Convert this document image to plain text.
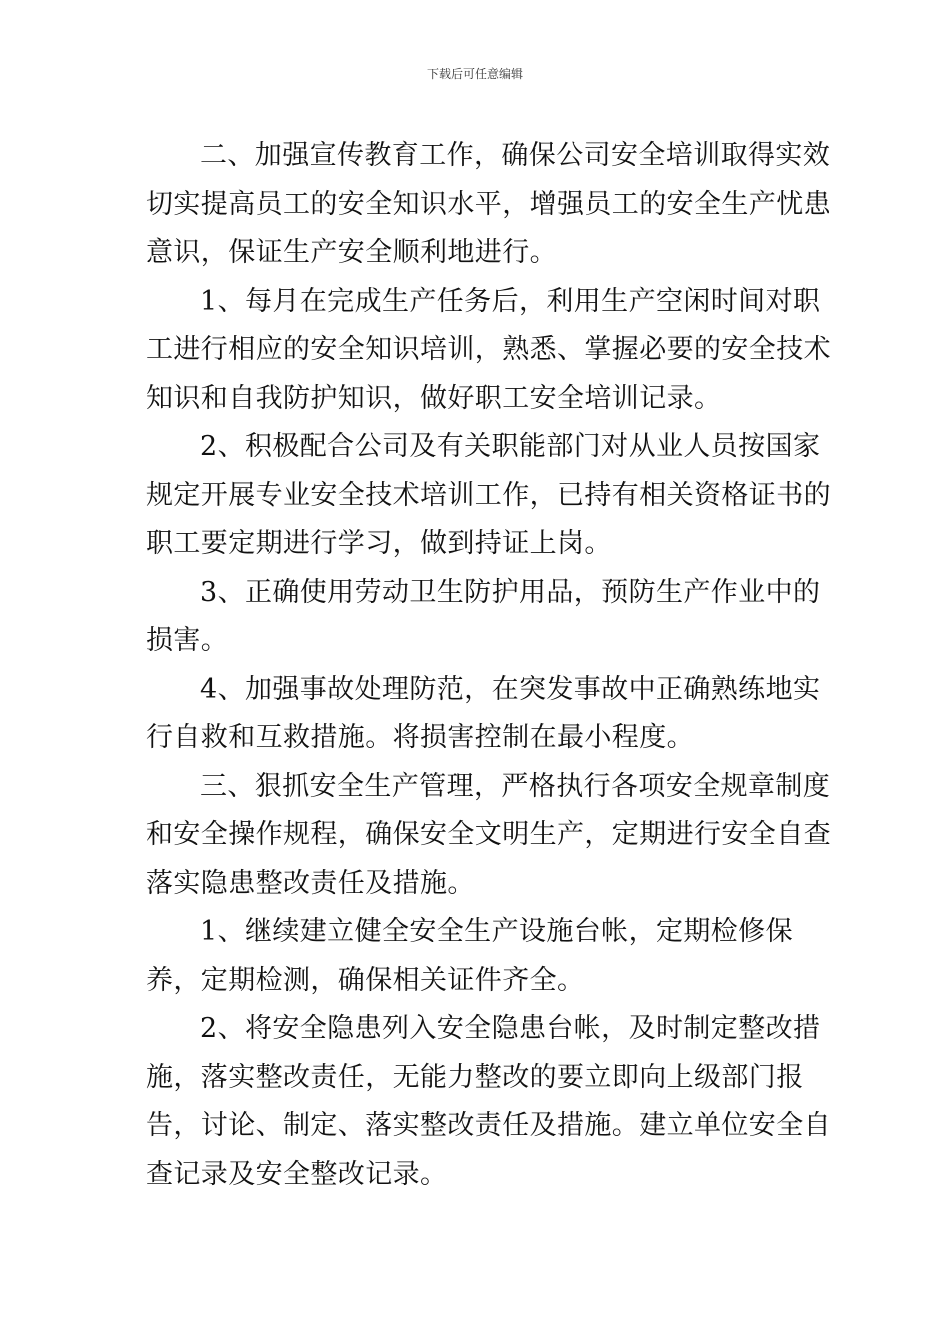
下载后可任意编辑

二、加强宣传教育工作，确保公司安全培训取得实效切实提高员工的安全知识水平，增强员工的安全生产忧患意识，保证生产安全顺利地进行。

1、每月在完成生产任务后，利用生产空闲时间对职工进行相应的安全知识培训，熟悉、掌握必要的安全技术知识和自我防护知识，做好职工安全培训记录。

2、积极配合公司及有关职能部门对从业人员按国家规定开展专业安全技术培训工作，已持有相关资格证书的职工要定期进行学习，做到持证上岗。

3、正确使用劳动卫生防护用品，预防生产作业中的损害。

4、加强事故处理防范，在突发事故中正确熟练地实行自救和互救措施。将损害控制在最小程度。

三、狠抓安全生产管理，严格执行各项安全规章制度和安全操作规程，确保安全文明生产，定期进行安全自查落实隐患整改责任及措施。

1、继续建立健全安全生产设施台帐，定期检修保养，定期检测，确保相关证件齐全。

2、将安全隐患列入安全隐患台帐，及时制定整改措施，落实整改责任，无能力整改的要立即向上级部门报告，讨论、制定、落实整改责任及措施。建立单位安全自查记录及安全整改记录。
